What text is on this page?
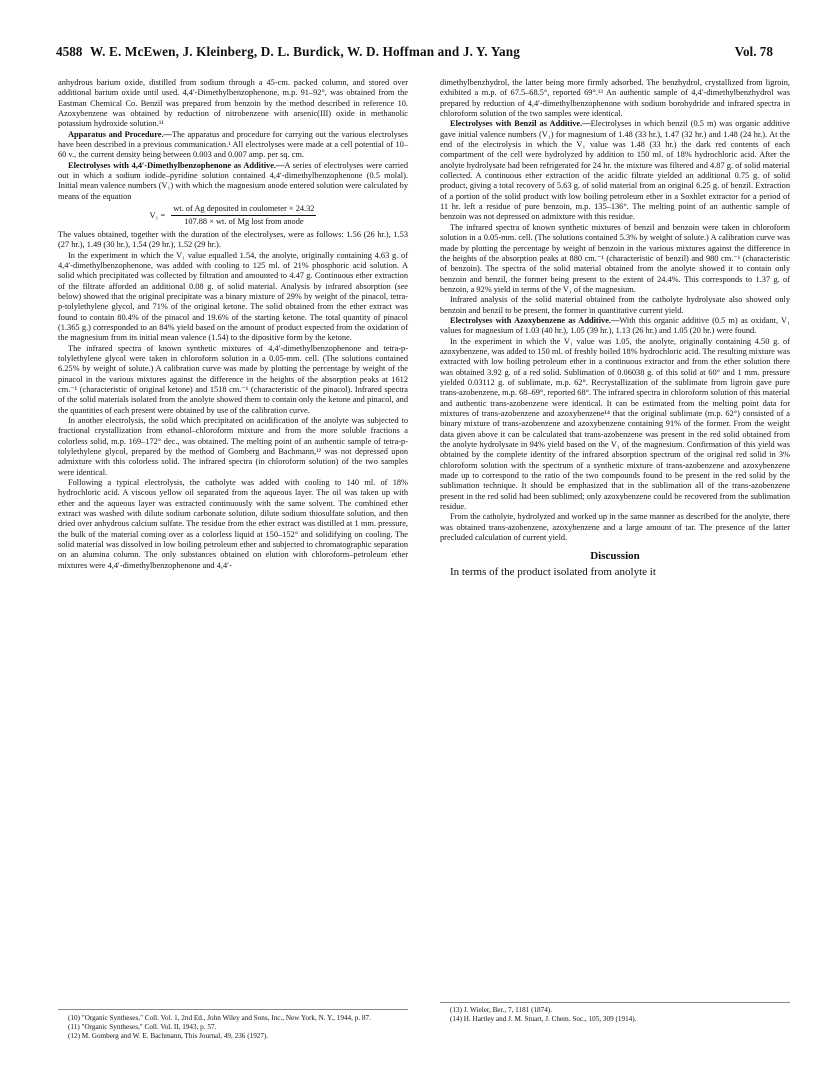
4588 W. E. McEwen, J. Kleinberg, D. L. Burdick, W. D. Hoffman and J. Y. Yang	Vol. 78

anhydrous barium oxide, distilled from sodium through a 45-cm. packed column, and stored over additional barium oxide until used. 4,4′-Dimethylbenzophenone, m.p. 91–92°, was obtained from the Eastman Chemical Co. Benzil was prepared from benzoin by the method described in reference 10. Azoxybenzene was obtained by reduction of nitrobenzene with arsenic(III) oxide in methanolic potassium hydroxide solution.¹¹

Apparatus and Procedure.—The apparatus and procedure for carrying out the various electrolyses have been described in a previous communication.¹ All electrolyses were made at a cell potential of 10–60 v., the current density being between 0.003 and 0.007 amp. per sq. cm.

Electrolyses with 4,4′-Dimethylbenzophenone as Additive.—A series of electrolyses were carried out in which a sodium iodide–pyridine solution contained 4,4′-dimethylbenzophenone (0.5 molal). Initial mean valence numbers (V₁) with which the magnesium anode entered solution were calculated by means of the equation

$V_1 = \frac{\text{wt. of Ag deposited in coulometer × 24.32}}{\text{107.88 × wt. of Mg lost from anode}}$

The values obtained, together with the duration of the electrolyses, were as follows: 1.56 (26 hr.), 1.53 (27 hr.), 1.49 (30 hr.), 1.54 (29 hr.), 1.52 (29 hr.).

In the experiment in which the V₁ value equalled 1.54, the anolyte, originally containing 4.63 g. of 4,4′-dimethylbenzophenone, was added with cooling to 125 ml. of 21% phosphoric acid solution. A solid which precipitated was collected by filtration and amounted to 4.47 g. Continuous ether extraction of the filtrate afforded an additional 0.08 g. of solid material. Analysis by infrared absorption (see below) showed that the original precipitate was a binary mixture of 29% by weight of the pinacol, tetra-p-tolylethylene glycol, and 71% of the original ketone. The solid obtained from the ether extract was found to contain 80.4% of the pinacol and 19.6% of the starting ketone. The total quantity of pinacol (1.365 g.) corresponded to an 84% yield based on the amount of product expected from the oxidation of the magnesium from its initial mean valence (1.54) to the dipositive form by the ketone.

The infrared spectra of known synthetic mixtures of 4,4′-dimethylbenzophenone and tetra-p-tolylethylene glycol were taken in chloroform solution in a 0.05-mm. cell. (The solutions contained 6.25% by weight of solute.) A calibration curve was made by plotting the percentage by weight of the pinacol in the various mixtures against the difference in the heights of the absorption peaks at 1612 cm.⁻¹ (characteristic of original ketone) and 1518 cm.⁻¹ (characteristic of the pinacol). Infrared spectra of the solid materials isolated from the anolyte showed them to contain only the ketone and pinacol, and the quantities of each present were obtained by use of the calibration curve.

In another electrolysis, the solid which precipitated on acidification of the anolyte was subjected to fractional crystallization from ethanol–chloroform mixture and from the more soluble fractions a colorless solid, m.p. 169–172° dec., was obtained. The melting point of an authentic sample of tetra-p-tolylethylene glycol, prepared by the method of Gomberg and Bachmann,¹² was not depressed upon admixture with this colorless solid. The infrared spectra (in chloroform solution) of the two samples were identical.

Following a typical electrolysis, the catholyte was added with cooling to 140 ml. of 18% hydrochloric acid. A viscous yellow oil separated from the aqueous layer. The oil was taken up with ether and the aqueous layer was extracted continuously with the same solvent. The combined ether extract was washed with dilute sodium carbonate solution, dilute sodium thiosulfate solution, and then dried over anhydrous calcium sulfate. The residue from the ether extract was distilled at 1 mm. pressure, the bulk of the material coming over as a colorless liquid at 150–152° and solidifying on cooling. The solid material was dissolved in low boiling petroleum ether and subjected to chromatographic separation on an alumina column. The only substances obtained on elution with chloroform–petroleum ether mixtures were 4,4′-dimethylbenzophenone and 4,4′-

dimethylbenzhydrol, the latter being more firmly adsorbed. The benzhydrol, crystallized from ligroin, exhibited a m.p. of 67.5–68.5°, reported 69°.¹³ An authentic sample of 4,4′-dimethylbenzhydrol was prepared by reduction of 4,4′-dimethylbenzophenone with sodium borohydride and infrared spectra in chloroform solution of the two samples were identical.

Electrolyses with Benzil as Additive.—Electrolyses in which benzil (0.5 m) was organic additive gave initial valence numbers (V₁) for magnesium of 1.48 (33 hr.), 1.47 (32 hr.) and 1.48 (24 hr.). At the end of the electrolysis in which the V₁ value was 1.48 (33 hr.) the dark red contents of each compartment of the cell were hydrolyzed by addition to 150 ml. of 18% hydrochloric acid. After the anolyte hydrolysate had been refrigerated for 24 hr. the mixture was filtered and 4.87 g. of solid material collected. A continuous ether extraction of the acidic filtrate yielded an additional 0.75 g. of solid product, giving a total recovery of 5.63 g. of solid material from an original 6.25 g. of benzil. Extraction of a portion of the solid product with low boiling petroleum ether in a Soxhlet extractor for a period of 11 hr. left a residue of pure benzoin, m.p. 135–136°. The melting point of an authentic sample of benzoin was not depressed on admixture with this residue.

The infrared spectra of known synthetic mixtures of benzil and benzoin were taken in chloroform solution in a 0.05-mm. cell. (The solutions contained 5.3% by weight of solute.) A calibration curve was made by plotting the percentage by weight of benzoin in the various mixtures against the difference in the heights of the absorption peaks at 880 cm.⁻¹ (characteristic of benzil) and 980 cm.⁻¹ (characteristic of benzoin). The spectra of the solid material obtained from the anolyte showed it to contain only benzoin and benzil, the former being present to the extent of 24.4%. This corresponds to 1.37 g. of benzoin, a 92% yield in terms of the V₁ of the magnesium.

Infrared analysis of the solid material obtained from the catholyte hydrolysate also showed only benzoin and benzil to be present, the former in quantitative current yield.

Electrolyses with Azoxybenzene as Additive.—With this organic additive (0.5 m) as oxidant, V₁ values for magnesium of 1.03 (40 hr.), 1.05 (39 hr.), 1.13 (26 hr.) and 1.05 (20 hr.) were found.

In the experiment in which the V₁ value was 1.05, the anolyte, originally containing 4.50 g. of azoxybenzene, was added to 150 ml. of freshly boiled 18% hydrochloric acid. The resulting mixture was extracted with low boiling petroleum ether in a continuous extractor and from the ether solution there was obtained 3.92 g. of a red solid. Sublimation of 0.06038 g. of this solid at 60° and 1 mm. pressure yielded 0.03112 g. of sublimate, m.p. 62°. Recrystallization of the sublimate from ligroin gave pure trans-azobenzene, m.p. 68–69°, reported 68°. The infrared spectra in chloroform solution of this material and authentic trans-azobenzene were identical. It can be estimated from the melting point data for mixtures of trans-azobenzene and azoxybenzene¹⁴ that the original sublimate (m.p. 62°) consisted of a binary mixture of trans-azobenzene and azoxybenzene containing 91% of the former. From the weight data given above it can be calculated that trans-azobenzene was present in the red solid obtained from the anolyte hydrolysate in 94% yield based on the V₁ of the magnesium. Confirmation of this yield was obtained by the complete identity of the infrared absorption spectrum of the original red solid in 3% chloroform solution with the spectrum of a synthetic mixture of trans-azobenzene and azoxybenzene made up to correspond to the ratio of the two compounds found to be present in the red solid by the sublimation technique. It should be emphasized that in the sublimation all of the trans-azobenzene present in the red solid had been sublimed; only azoxybenzene could be recovered from the sublimation residue.

From the catholyte, hydrolyzed and worked up in the same manner as described for the anolyte, there was obtained trans-azobenzene, azoxybenzene and a large amount of tar. The presence of the latter precluded calculation of current yield.

Discussion

In terms of the product isolated from anolyte it

(10) "Organic Syntheses," Coll. Vol. 1, 2nd Ed., John Wiley and Sons, Inc., New York, N. Y., 1944, p. 87.
(11) "Organic Syntheses," Coll. Vol. II, 1943, p. 57.
(12) M. Gomberg and W. E. Bachmann, This Journal, 49, 236 (1927).
(13) J. Wieler, Ber., 7, 1181 (1874).
(14) H. Hartley and J. M. Stuart, J. Chem. Soc., 105, 309 (1914).
